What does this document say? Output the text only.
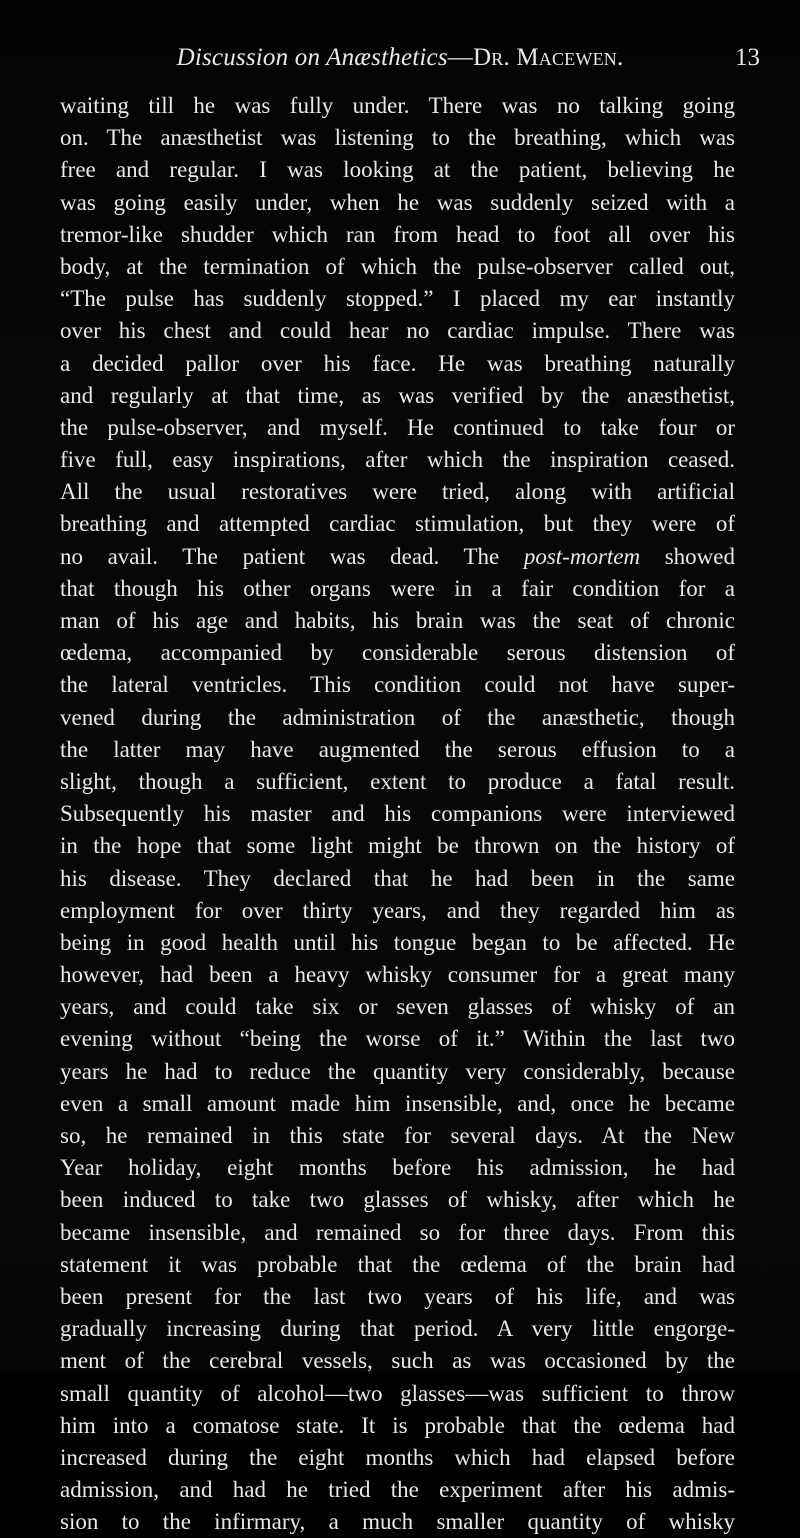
Discussion on Anæsthetics—Dr. Macewen.	13
waiting till he was fully under. There was no talking going
on. The anæsthetist was listening to the breathing, which was
free and regular. I was looking at the patient, believing he
was going easily under, when he was suddenly seized with a
tremor-like shudder which ran from head to foot all over his
body, at the termination of which the pulse-observer called out,
“The pulse has suddenly stopped.” I placed my ear instantly
over his chest and could hear no cardiac impulse. There was
a decided pallor over his face. He was breathing naturally
and regularly at that time, as was verified by the anæsthetist,
the pulse-observer, and myself. He continued to take four or
five full, easy inspirations, after which the inspiration ceased.
All the usual restoratives were tried, along with artificial
breathing and attempted cardiac stimulation, but they were of
no avail. The patient was dead. The post-mortem showed
that though his other organs were in a fair condition for a
man of his age and habits, his brain was the seat of chronic
œdema, accompanied by considerable serous distension of
the lateral ventricles. This condition could not have super-
vened during the administration of the anæsthetic, though
the latter may have augmented the serous effusion to a
slight, though a sufficient, extent to produce a fatal result.
Subsequently his master and his companions were interviewed
in the hope that some light might be thrown on the history of
his disease. They declared that he had been in the same
employment for over thirty years, and they regarded him as
being in good health until his tongue began to be affected. He
however, had been a heavy whisky consumer for a great many
years, and could take six or seven glasses of whisky of an
evening without “being the worse of it.” Within the last two
years he had to reduce the quantity very considerably, because
even a small amount made him insensible, and, once he became
so, he remained in this state for several days. At the New
Year holiday, eight months before his admission, he had
been induced to take two glasses of whisky, after which he
became insensible, and remained so for three days. From this
statement it was probable that the œdema of the brain had
been present for the last two years of his life, and was
gradually increasing during that period. A very little engorge-
ment of the cerebral vessels, such as was occasioned by the
small quantity of alcohol—two glasses—was sufficient to throw
him into a comatose state. It is probable that the œdema had
increased during the eight months which had elapsed before
admission, and had he tried the experiment after his admis-
sion to the infirmary, a much smaller quantity of whisky
